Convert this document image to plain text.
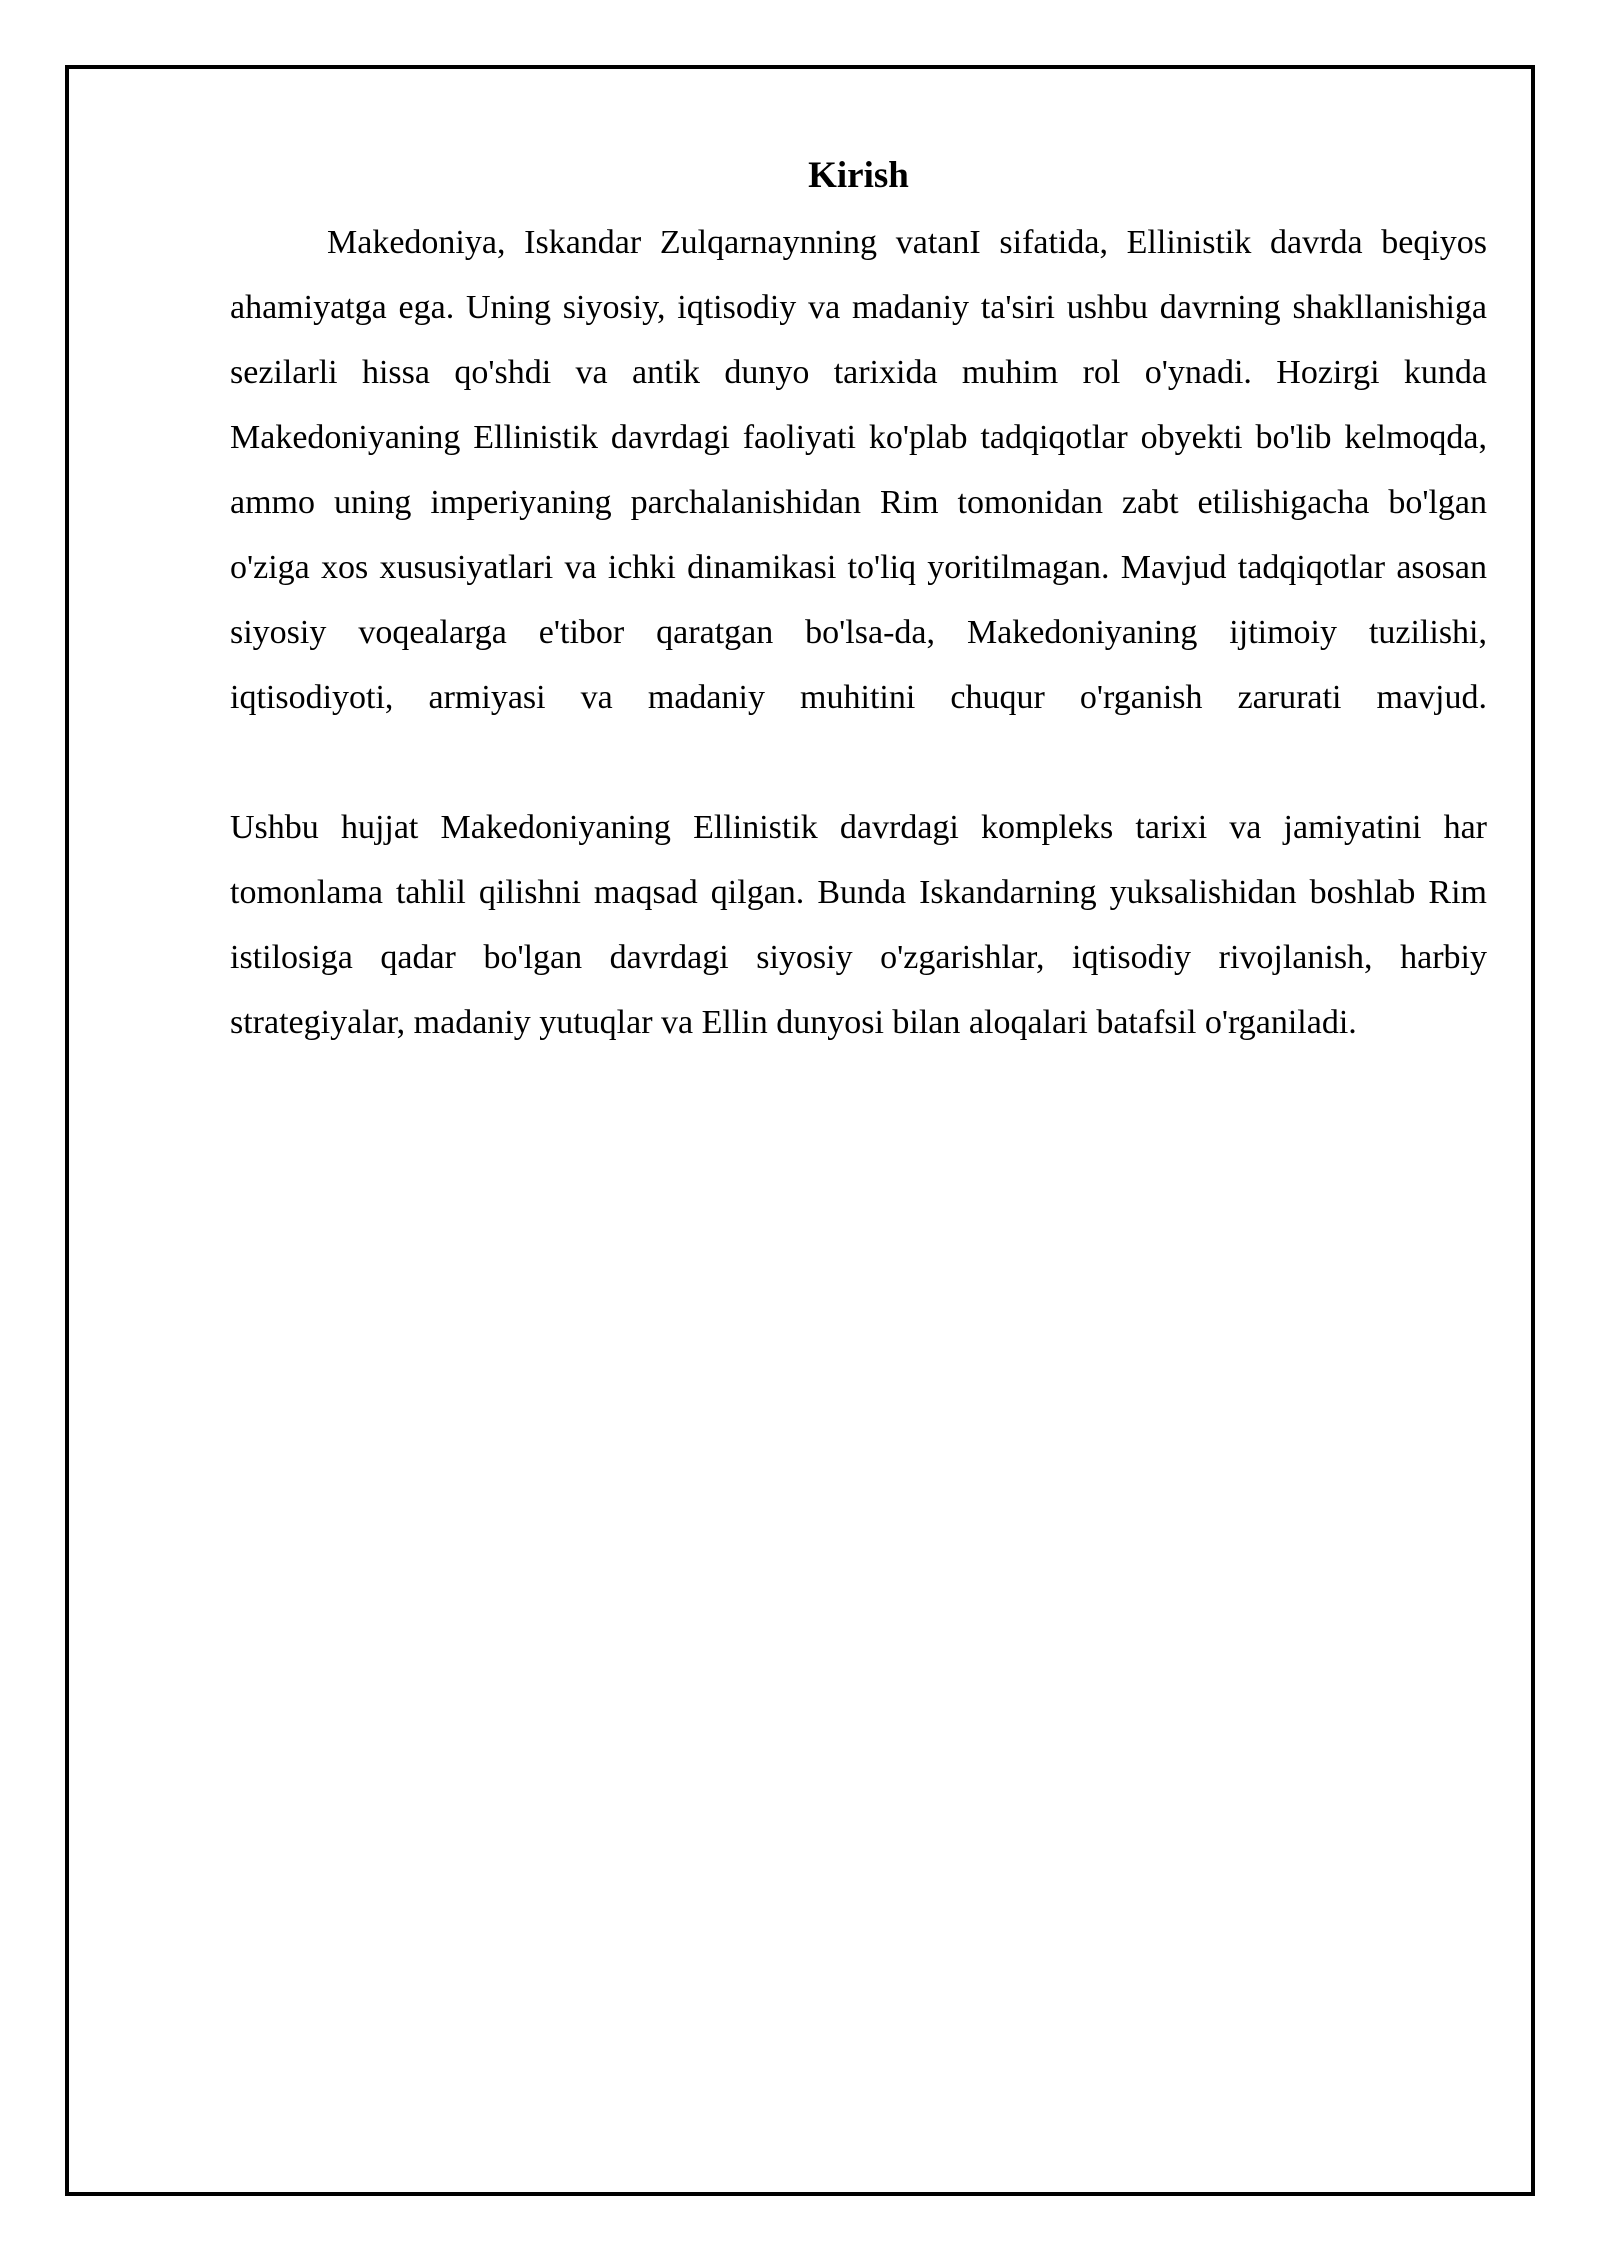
Kirish

Makedoniya, Iskandar Zulqarnaynning vatanI sifatida, Ellinistik davrda beqiyos ahamiyatga ega. Uning siyosiy, iqtisodiy va madaniy ta'siri ushbu davrning shakllanishiga sezilarli hissa qo'shdi va antik dunyo tarixida muhim rol o'ynadi. Hozirgi kunda Makedoniyaning Ellinistik davrdagi faoliyati ko'plab tadqiqotlar obyekti bo'lib kelmoqda, ammo uning imperiyaning parchalanishidan Rim tomonidan zabt etilishigacha bo'lgan o'ziga xos xususiyatlari va ichki dinamikasi to'liq yoritilmagan. Mavjud tadqiqotlar asosan siyosiy voqealarga e'tibor qaratgan bo'lsa-da, Makedoniyaning ijtimoiy tuzilishi, iqtisodiyoti, armiyasi va madaniy muhitini chuqur o'rganish zarurati mavjud.

Ushbu hujjat Makedoniyaning Ellinistik davrdagi kompleks tarixi va jamiyatini har tomonlama tahlil qilishni maqsad qilgan. Bunda Iskandarning yuksalishidan boshlab Rim istilosiga qadar bo'lgan davrdagi siyosiy o'zgarishlar, iqtisodiy rivojlanish, harbiy strategiyalar, madaniy yutuqlar va Ellin dunyosi bilan aloqalari batafsil o'rganiladi.
